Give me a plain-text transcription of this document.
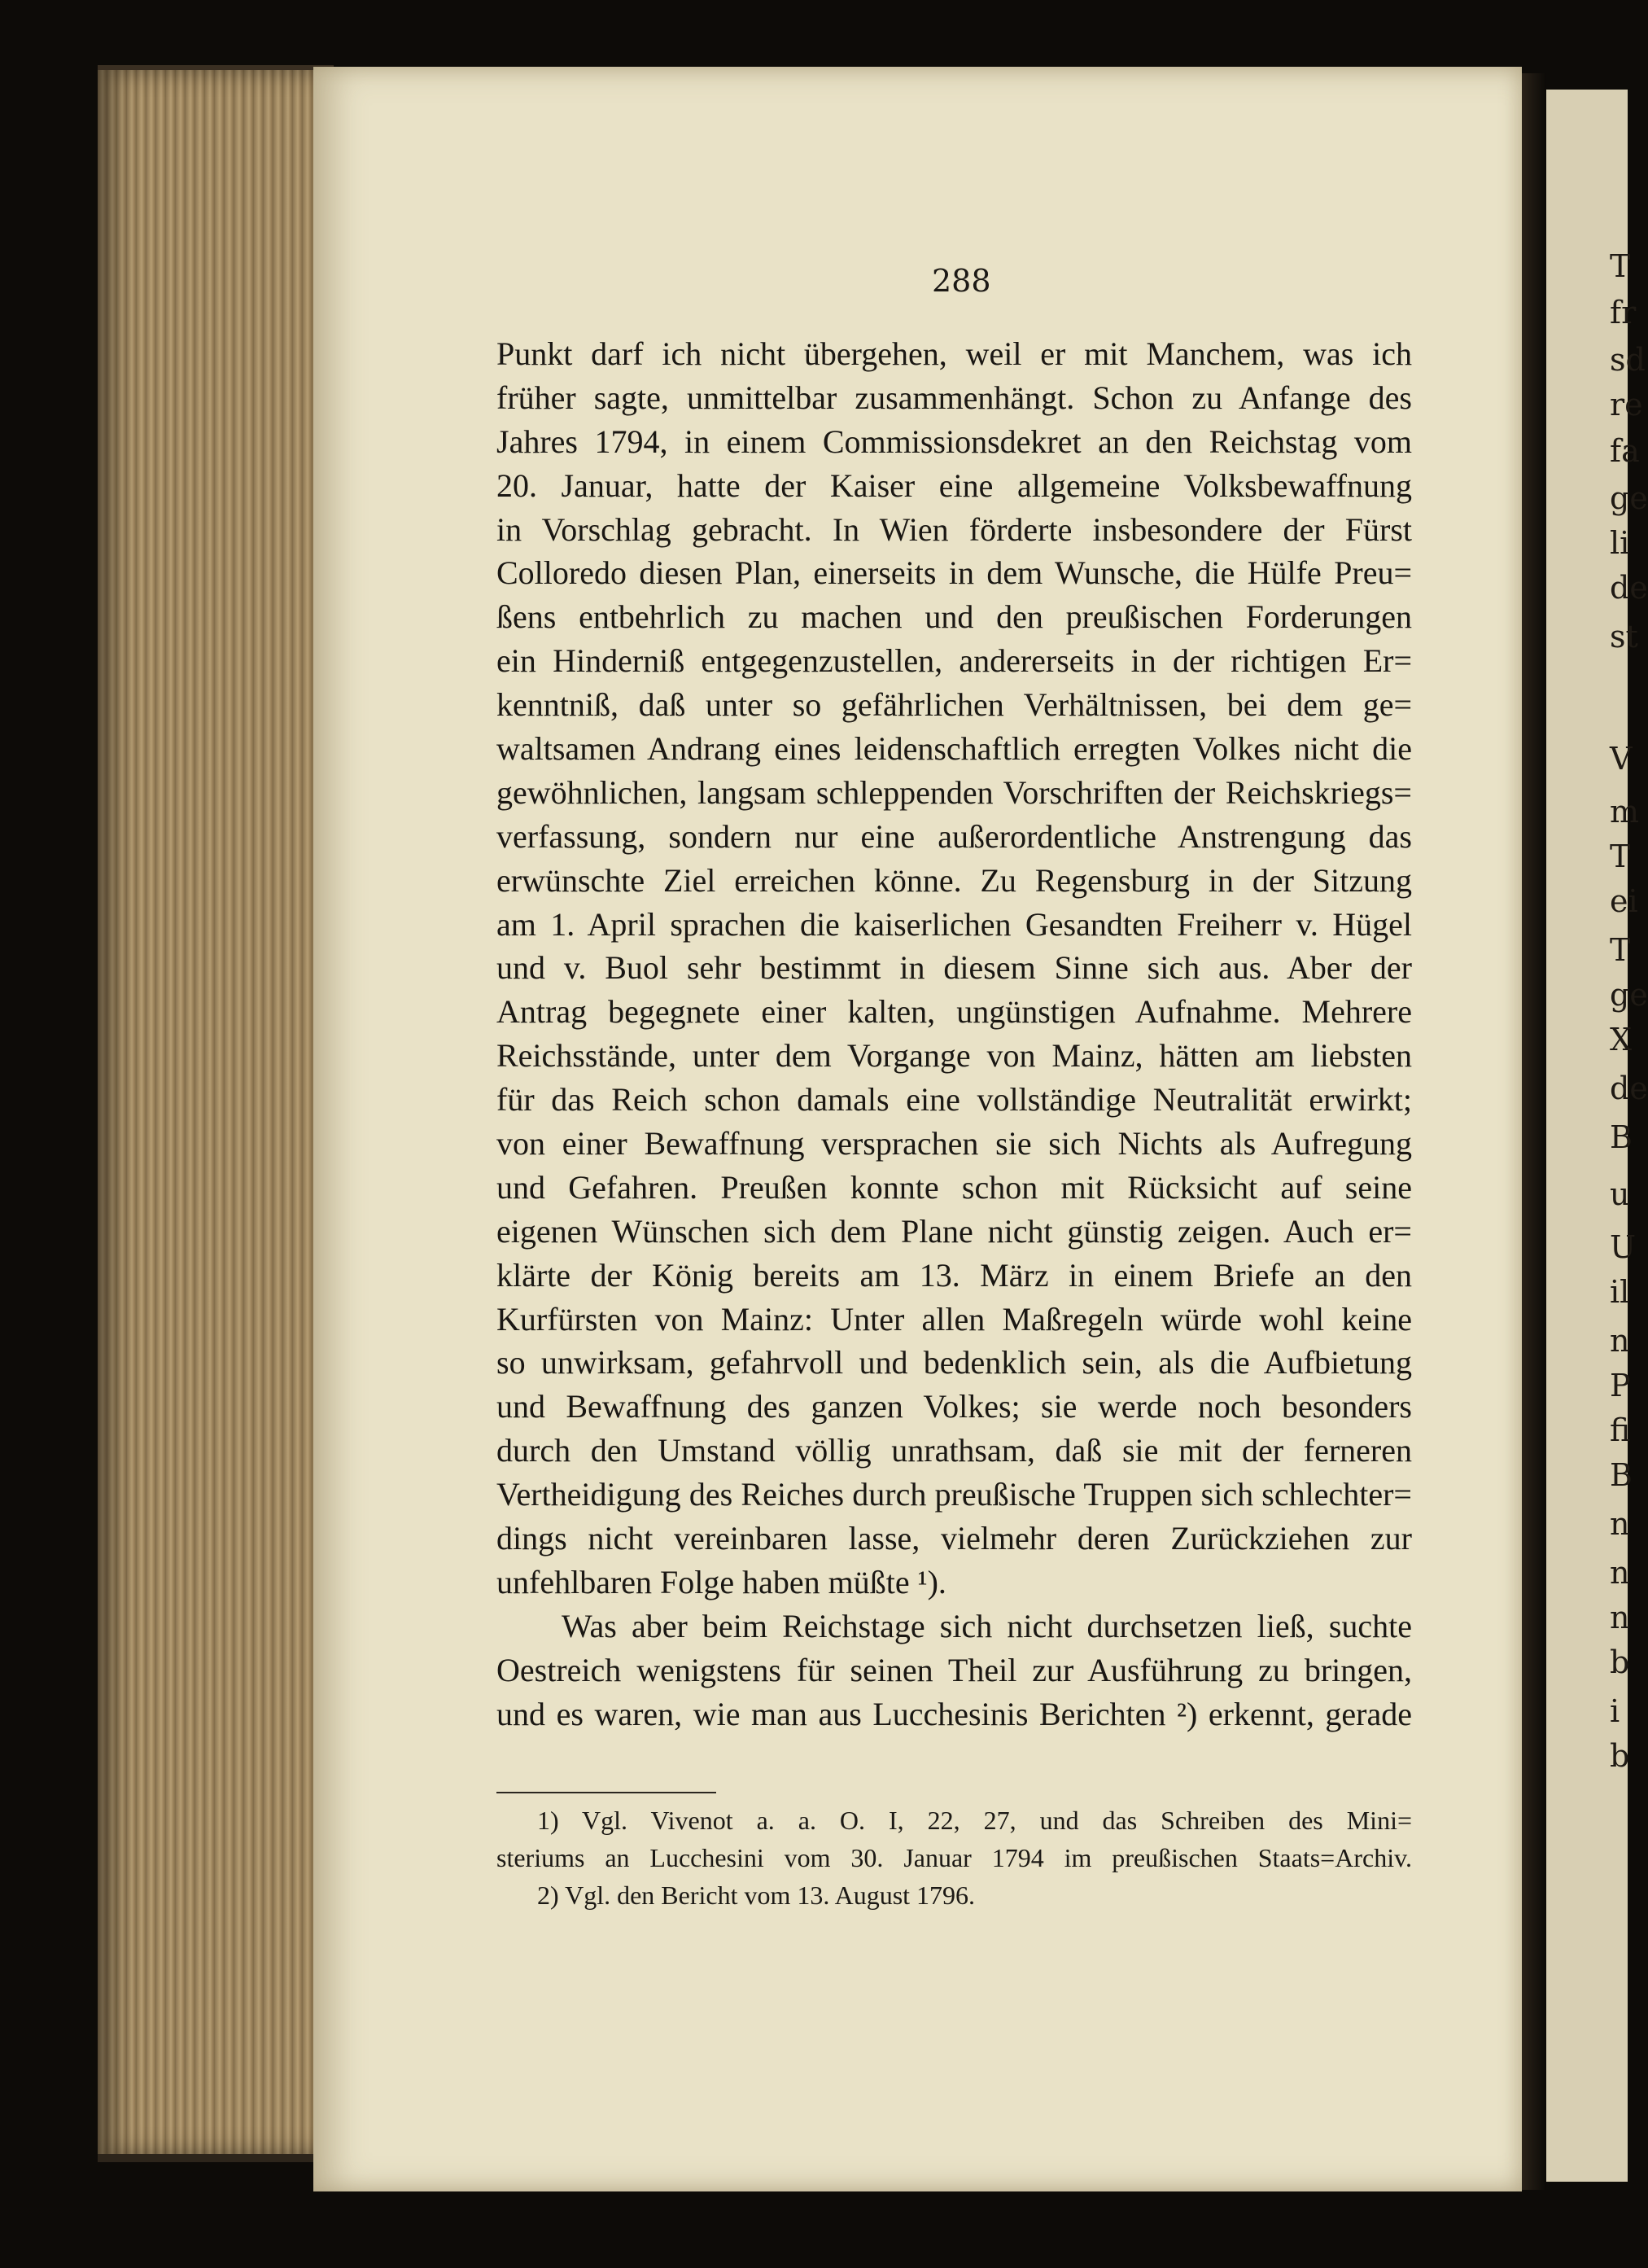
T
fr
sd
re
fa
ge
li
de
st
V
m
T
ei
T
ge
X
de
B
u
U
il
n
P
fi
B
n
n
n
b
i
b
288
Punkt darf ich nicht übergehen, weil er mit Manchem, was ich
früher sagte, unmittelbar zusammenhängt. Schon zu Anfange des
Jahres 1794, in einem Commissionsdekret an den Reichstag vom
20. Januar, hatte der Kaiser eine allgemeine Volksbewaffnung
in Vorschlag gebracht. In Wien förderte insbesondere der Fürst
Colloredo diesen Plan, einerseits in dem Wunsche, die Hülfe Preu=
ßens entbehrlich zu machen und den preußischen Forderungen
ein Hinderniß entgegenzustellen, andererseits in der richtigen Er=
kenntniß, daß unter so gefährlichen Verhältnissen, bei dem ge=
waltsamen Andrang eines leidenschaftlich erregten Volkes nicht die
gewöhnlichen, langsam schleppenden Vorschriften der Reichskriegs=
verfassung, sondern nur eine außerordentliche Anstrengung das
erwünschte Ziel erreichen könne. Zu Regensburg in der Sitzung
am 1. April sprachen die kaiserlichen Gesandten Freiherr v. Hügel
und v. Buol sehr bestimmt in diesem Sinne sich aus. Aber der
Antrag begegnete einer kalten, ungünstigen Aufnahme. Mehrere
Reichsstände, unter dem Vorgange von Mainz, hätten am liebsten
für das Reich schon damals eine vollständige Neutralität erwirkt;
von einer Bewaffnung versprachen sie sich Nichts als Aufregung
und Gefahren. Preußen konnte schon mit Rücksicht auf seine
eigenen Wünschen sich dem Plane nicht günstig zeigen. Auch er=
klärte der König bereits am 13. März in einem Briefe an den
Kurfürsten von Mainz: Unter allen Maßregeln würde wohl keine
so unwirksam, gefahrvoll und bedenklich sein, als die Aufbietung
und Bewaffnung des ganzen Volkes; sie werde noch besonders
durch den Umstand völlig unrathsam, daß sie mit der ferneren
Vertheidigung des Reiches durch preußische Truppen sich schlechter=
dings nicht vereinbaren lasse, vielmehr deren Zurückziehen zur
unfehlbaren Folge haben müßte ¹).
Was aber beim Reichstage sich nicht durchsetzen ließ, suchte
Oestreich wenigstens für seinen Theil zur Ausführung zu bringen,
und es waren, wie man aus Lucchesinis Berichten ²) erkennt, gerade
1) Vgl. Vivenot a. a. O. I, 22, 27, und das Schreiben des Mini=
steriums an Lucchesini vom 30. Januar 1794 im preußischen Staats=Archiv.
2) Vgl. den Bericht vom 13. August 1796.
